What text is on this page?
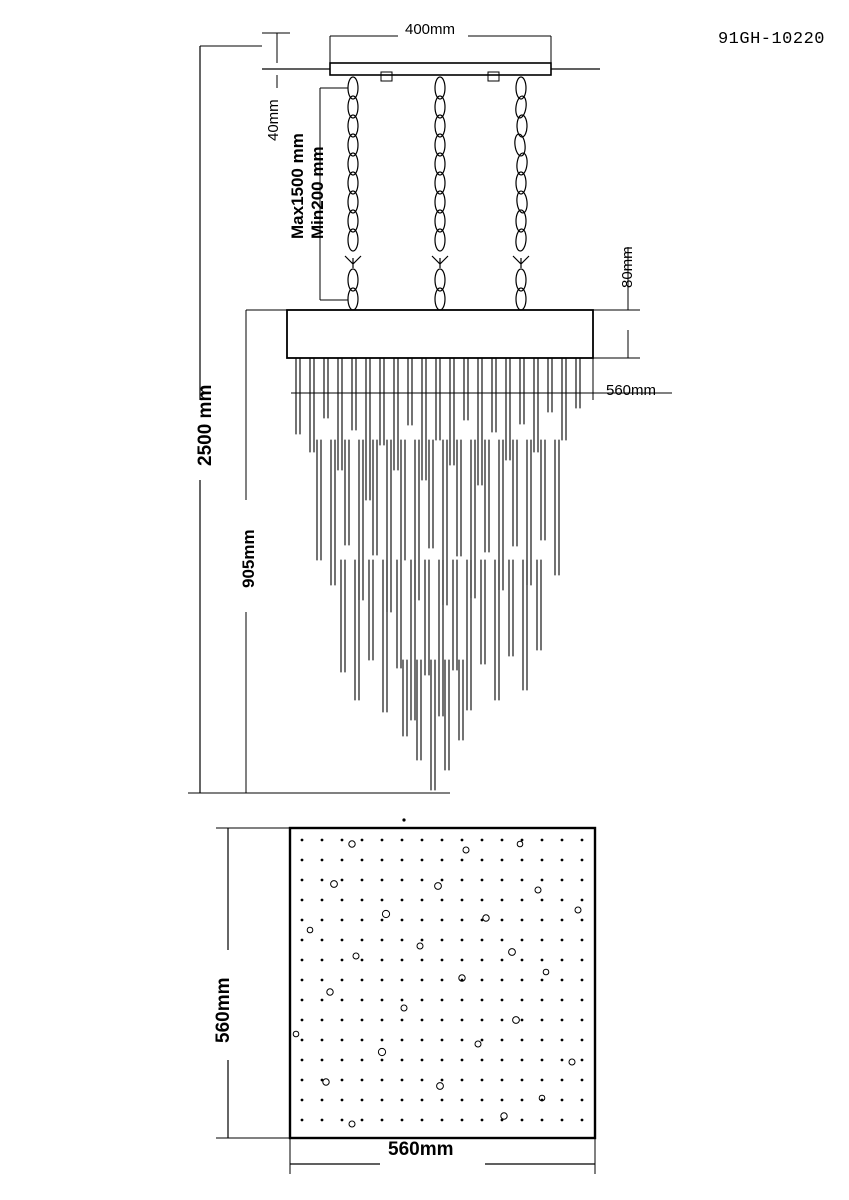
91GH-10220
400mm
40mm
Max1500 mm Min200 mm
80mm
560mm
905mm
2500 mm
560mm
560mm
